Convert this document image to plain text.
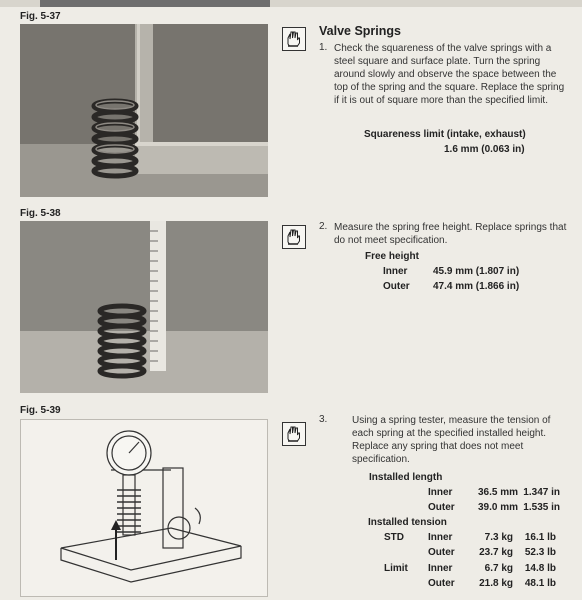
Fig. 5-37
Fig. 5-38
Fig. 5-39
Valve Springs
1. Check the squareness of the valve springs with a steel square and surface plate. Turn the spring around slowly and observe the space between the top of the spring and the square. Replace the spring if it is out of square more than the specified limit.
Squareness limit (intake, exhaust)
1.6 mm (0.063 in)
2. Measure the spring free height. Replace springs that do not meet specification.
Free height
Inner	45.9 mm (1.807 in)
Outer 47.4 mm (1.866 in)
3. Using a spring tester, measure the tension of each spring at the specified installed height. Replace any spring that does not meet specification.
Installed length
Inner	36.5 mm 1.347 in
Outer	39.0 mm 1.535 in
Installed tension
STD Inner	7.3 kg	16.1 lb
Outer	23.7 kg	52.3 lb
Limit Inner	6.7 kg	14.8 lb
Outer	21.8 kg	48.1 lb
